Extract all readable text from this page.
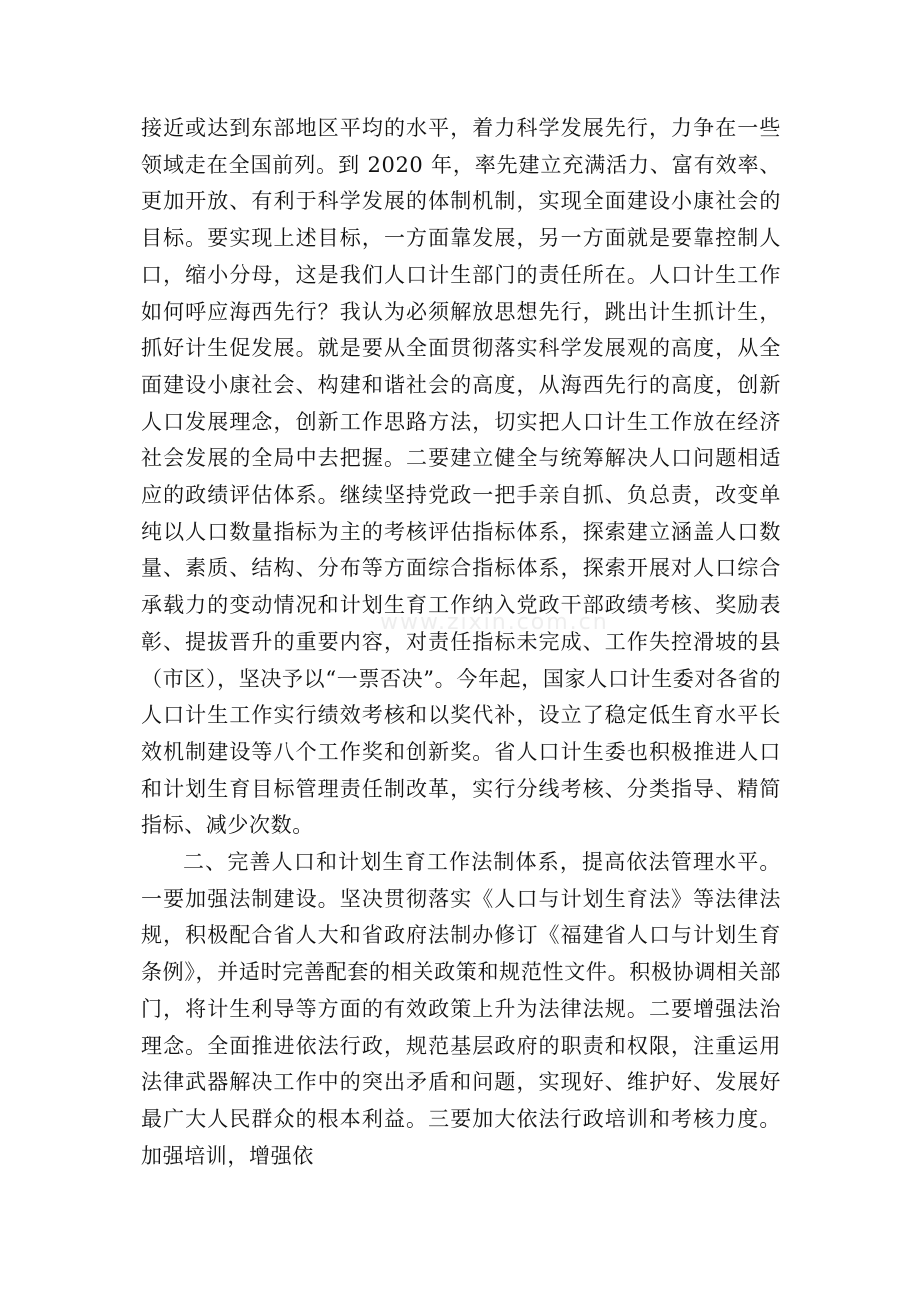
接近或达到东部地区平均的水平，着力科学发展先行，力争在一些领域走在全国前列。到 2020 年，率先建立充满活力、富有效率、更加开放、有利于科学发展的体制机制，实现全面建设小康社会的目标。要实现上述目标，一方面靠发展，另一方面就是要靠控制人口，缩小分母，这是我们人口计生部门的责任所在。人口计生工作如何呼应海西先行？我认为必须解放思想先行，跳出计生抓计生，抓好计生促发展。就是要从全面贯彻落实科学发展观的高度，从全面建设小康社会、构建和谐社会的高度，从海西先行的高度，创新人口发展理念，创新工作思路方法，切实把人口计生工作放在经济社会发展的全局中去把握。二要建立健全与统筹解决人口问题相适应的政绩评估体系。继续坚持党政一把手亲自抓、负总责，改变单纯以人口数量指标为主的考核评估指标体系，探索建立涵盖人口数量、素质、结构、分布等方面综合指标体系，探索开展对人口综合承载力的变动情况和计划生育工作纳入党政干部政绩考核、奖励表彰、提拔晋升的重要内容，对责任指标未完成、工作失控滑坡的县（市区），坚决予以“一票否决”。今年起，国家人口计生委对各省的人口计生工作实行绩效考核和以奖代补，设立了稳定低生育水平长效机制建设等八个工作奖和创新奖。省人口计生委也积极推进人口和计划生育目标管理责任制改革，实行分线考核、分类指导、精简指标、减少次数。

二、完善人口和计划生育工作法制体系，提高依法管理水平。一要加强法制建设。坚决贯彻落实《人口与计划生育法》等法律法规，积极配合省人大和省政府法制办修订《福建省人口与计划生育条例》，并适时完善配套的相关政策和规范性文件。积极协调相关部门，将计生利导等方面的有效政策上升为法律法规。二要增强法治理念。全面推进依法行政，规范基层政府的职责和权限，注重运用法律武器解决工作中的突出矛盾和问题，实现好、维护好、发展好最广大人民群众的根本利益。三要加大依法行政培训和考核力度。加强培训，增强依

www.zixin.com.cn
